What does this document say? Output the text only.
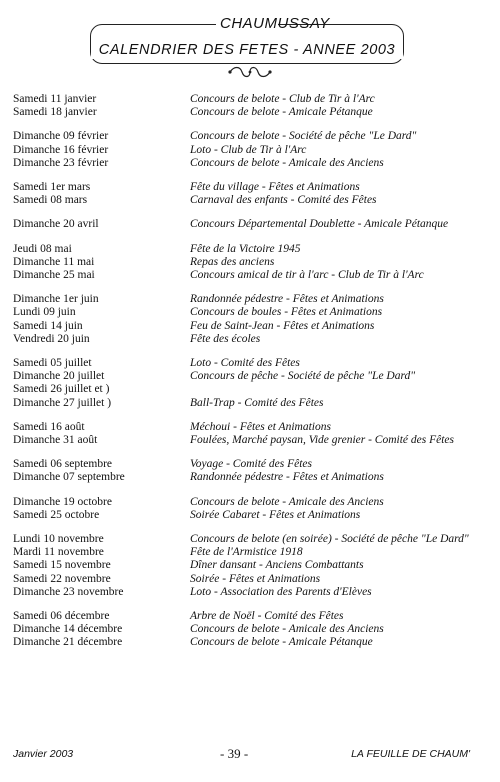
CHAUMUSSAY
CALENDRIER DES FETES - ANNEE 2003
Samedi 11 janvier	Concours de belote - Club de Tir à l'Arc
Samedi 18 janvier	Concours de belote - Amicale Pétanque
Dimanche 09 février	Concours de belote - Société de pêche "Le Dard"
Dimanche 16 février	Loto - Club de Tir à l'Arc
Dimanche 23 février	Concours de belote - Amicale des Anciens
Samedi 1er mars	Fête du village - Fêtes et Animations
Samedi 08 mars	Carnaval des enfants - Comité des Fêtes
Dimanche 20 avril	Concours Départemental Doublette - Amicale Pétanque
Jeudi 08 mai	Fête de la Victoire 1945
Dimanche 11 mai	Repas des anciens
Dimanche 25 mai	Concours amical de tir à l'arc - Club de Tir à l'Arc
Dimanche 1er juin	Randonnée pédestre - Fêtes et Animations
Lundi 09 juin	Concours de boules - Fêtes et Animations
Samedi 14 juin	Feu de Saint-Jean - Fêtes et Animations
Vendredi 20 juin	Fête des écoles
Samedi 05 juillet	Loto - Comité des Fêtes
Dimanche 20 juillet	Concours de pêche - Société de pêche "Le Dard"
Samedi 26 juillet et )
Dimanche 27 juillet )	Ball-Trap - Comité des Fêtes
Samedi 16 août	Méchoui - Fêtes et Animations
Dimanche 31 août	Foulées, Marché paysan, Vide grenier - Comité des Fêtes
Samedi 06 septembre	Voyage - Comité des Fêtes
Dimanche 07 septembre	Randonnée pédestre - Fêtes et Animations
Dimanche 19 octobre	Concours de belote - Amicale des Anciens
Samedi 25 octobre	Soirée Cabaret - Fêtes et Animations
Lundi 10 novembre	Concours de belote (en soirée) - Société de pêche "Le Dard"
Mardi 11 novembre	Fête de l'Armistice 1918
Samedi 15 novembre	Dîner dansant - Anciens Combattants
Samedi 22 novembre	Soirée - Fêtes et Animations
Dimanche 23 novembre	Loto - Association des Parents d'Elèves
Samedi 06 décembre	Arbre de Noël - Comité des Fêtes
Dimanche 14 décembre	Concours de belote - Amicale des Anciens
Dimanche 21 décembre	Concours de belote - Amicale Pétanque
Janvier 2003	- 39 -	LA FEUILLE DE CHAUM'
